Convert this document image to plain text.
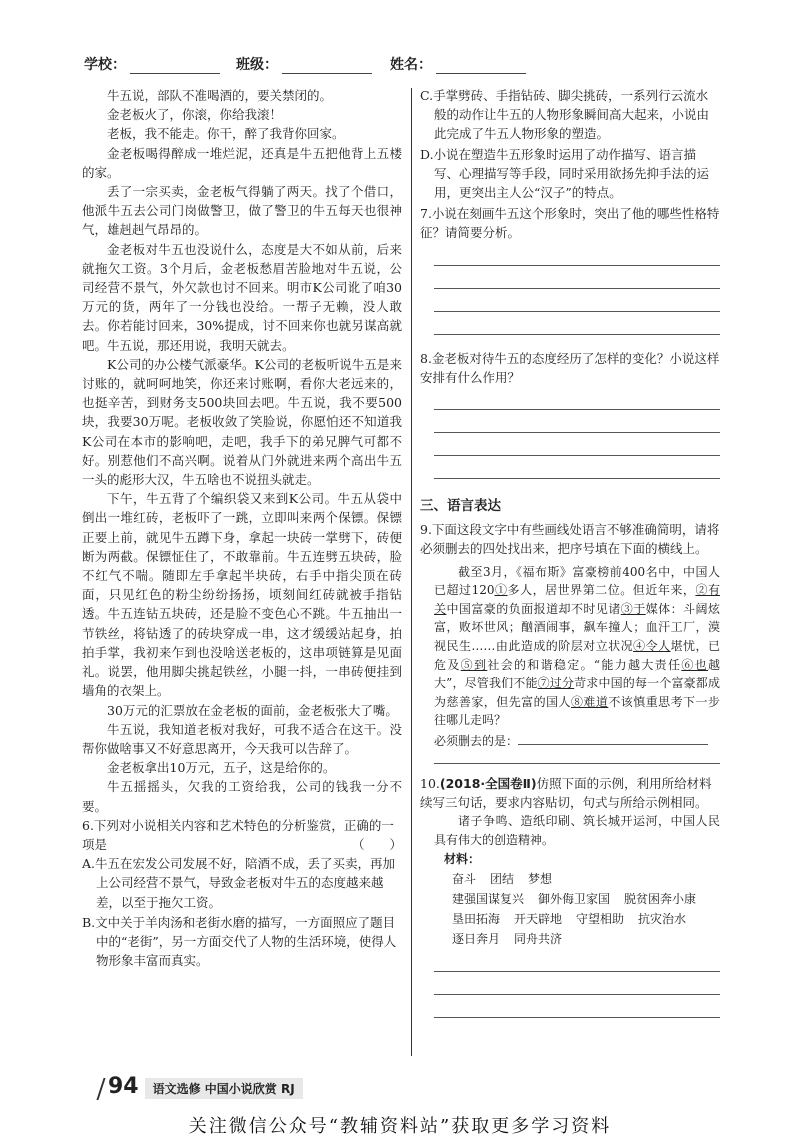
学校：	班级：	姓名：

牛五说，部队不准喝酒的，要关禁闭的。

金老板火了，你滚，你给我滚！

老板，我不能走。你干，醉了我背你回家。

金老板喝得醉成一堆烂泥，还真是牛五把他背上五楼的家。

丢了一宗买卖，金老板气得躺了两天。找了个借口，他派牛五去公司门岗做警卫，做了警卫的牛五每天也很神气，雄赳赳气昂昂的。

金老板对牛五也没说什么，态度是大不如从前，后来就拖欠工资。3个月后，金老板愁眉苦脸地对牛五说，公司经营不景气，外欠款也讨不回来。明市K公司讹了咱30万元的货，两年了一分钱也没给。一帮子无赖，没人敢去。你若能讨回来，30%提成，讨不回来你也就另谋高就吧。牛五说，那还用说，我明天就去。

K公司的办公楼气派豪华。K公司的老板听说牛五是来讨账的，就呵呵地笑，你还来讨账啊，看你大老远来的，也挺辛苦，到财务支500块回去吧。牛五说，我不要500块，我要30万呢。老板收敛了笑脸说，你愿怕还不知道我K公司在本市的影响吧，走吧，我手下的弟兄脾气可都不好。别惹他们不高兴啊。说着从门外就进来两个高出牛五一头的彪形大汉，牛五啥也不说扭头就走。

下午，牛五背了个编织袋又来到K公司。牛五从袋中倒出一堆红砖，老板吓了一跳，立即叫来两个保镖。保镖正要上前，就见牛五蹲下身，拿起一块砖一掌劈下，砖便断为两截。保镖怔住了，不敢靠前。牛五连劈五块砖，脸不红气不喘。随即左手拿起半块砖，右手中指尖顶在砖面，只见红色的粉尘纷纷扬扬，顷刻间红砖就被手指钻透。牛五连钻五块砖，还是脸不变色心不跳。牛五抽出一节铁丝，将钻透了的砖块穿成一串，这才缓缓站起身，拍拍手掌，我初来乍到也没啥送老板的，这串项链算是见面礼。说罢，他用脚尖挑起铁丝，小腿一抖，一串砖便挂到墙角的衣架上。

30万元的汇票放在金老板的面前，金老板张大了嘴。

牛五说，我知道老板对我好，可我不适合在这干。没帮你做啥事又不好意思离开，今天我可以告辞了。

金老板拿出10万元，五子，这是给你的。

牛五摇摇头，欠我的工资给我，公司的钱我一分不要。

6.下列对小说相关内容和艺术特色的分析鉴赏，正确的一项是	（　　）
A.牛五在宏发公司发展不好，陪酒不成，丢了买卖，再加上公司经营不景气，导致金老板对牛五的态度越来越差，以至于拖欠工资。
B.文中关于羊肉汤和老街水磨的描写，一方面照应了题目中的“老街”，另一方面交代了人物的生活环境，使得人物形象丰富而真实。
C.手掌劈砖、手指钻砖、脚尖挑砖，一系列行云流水般的动作让牛五的人物形象瞬间高大起来，小说由此完成了牛五人物形象的塑造。
D.小说在塑造牛五形象时运用了动作描写、语言描写、心理描写等手段，同时采用欲扬先抑手法的运用，更突出主人公“汉子”的特点。
7.小说在刻画牛五这个形象时，突出了他的哪些性格特征？请简要分析。
8.金老板对待牛五的态度经历了怎样的变化？小说这样安排有什么作用？
三、语言表达
9.下面这段文字中有些画线处语言不够准确简明，请将必须删去的四处找出来，把序号填在下面的横线上。

截至3月，《福布斯》富豪榜前400名中，中国人已超过120①多人，居世界第二位。但近年来，②有关中国富豪的负面报道却不时见诸③于媒体：斗阔炫富，败坏世风；酗酒闹事，飙车撞人；血汗工厂，漠视民生……由此造成的阶层对立状况④令人堪忧，已危及⑤到社会的和谐稳定。“能力越大责任⑥也越大”，尽管我们不能⑦过分苛求中国的每一个富豪都成为慈善家，但先富的国人⑧难道不该慎重思考下一步往哪儿走吗？

必须删去的是：
10.(2018·全国卷Ⅱ)仿照下面的示例，利用所给材料续写三句话，要求内容贴切，句式与所给示例相同。

诸子争鸣、造纸印刷、筑长城开运河，中国人民具有伟大的创造精神。

材料：
奋斗 团结 梦想
建强国谋复兴 御外侮卫家国 脱贫困奔小康
垦田拓海 开天辟地 守望相助 抗灾治水
逐日奔月 同舟共济
94 语文选修 中国小说欣赏 RJ
关注微信公众号“教辅资料站”获取更多学习资料
